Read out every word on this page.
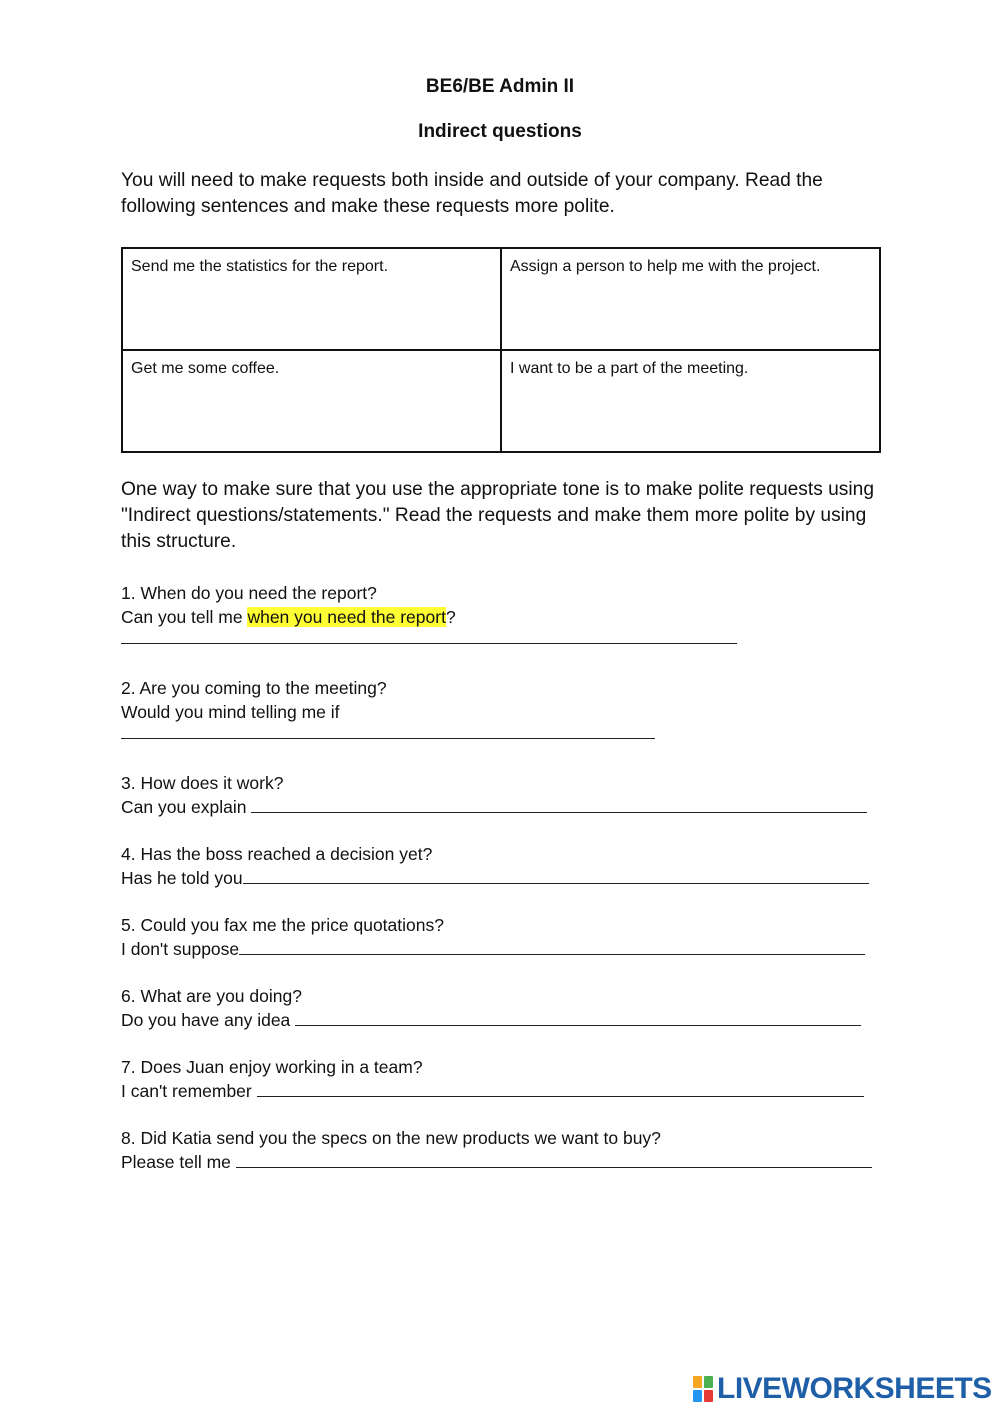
BE6/BE Admin II
Indirect questions
You will need to make requests both inside and outside of your company. Read the following sentences and make these requests more polite.
Send me the statistics for the report.	Assign a person to help me with the project.
Get me some coffee.	I want to be a part of the meeting.
One way to make sure that you use the appropriate tone is to make polite requests using "Indirect questions/statements." Read the requests and make them more polite by using this structure.
1. When do you need the report?
Can you tell me when you need the report?
2. Are you coming to the meeting?
Would you mind telling me if
3. How does it work?
Can you explain
4. Has the boss reached a decision yet?
Has he told you
5. Could you fax me the price quotations?
I don't suppose
6. What are you doing?
Do you have any idea
7. Does Juan enjoy working in a team?
I can't remember
8. Did Katia send you the specs on the new products we want to buy?
Please tell me
LIVEWORKSHEETS
